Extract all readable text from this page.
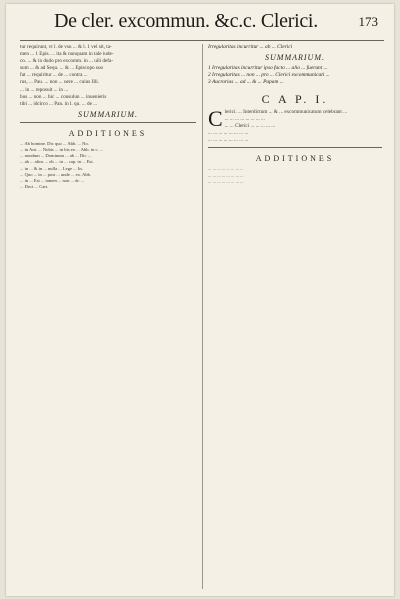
De cler. excommun. &c.c. Clerici.	173
tur requirunt, vt l. de vsu ... & l. 1 vel sit, ta-
men ... 1 Epis. ... ita & nunquam in tale iude-
co. ... & in dudo pro excomm. in ... uili defa-
sum ... & ad Sequ. ... & ... Episcopo suo
fat ... requiritur ... de ... contra ...
rus, ... Pau. ... non ... uere ... cuius Illi.
... in ... reposuit ... in ...
bus ... non ... hic ... consulun ... inuenieris
tibi ... idcirco ... Pan. in l. qu. ... de ...
SUMMARIUM.
ADDITIONES
... Ab homine. Dic quo ... Abb. ... No.
... in Ant. ... Nobis ... in his eo ... Abb. in c. ...
... nondum ... Dominum ... ab ... Dic ...
... ab ... alios ... ob ... in ... cap. in ... Est.
... in ... & in ... nulla ... Lege ... In.
... Quo ... in ... post ... unde ... ex. Abb.
... in ... Est ... tamen ... non ... dc ...
... Doct ... Cart.
Irregularitas incurritur ... ab ... Clerici
SUMMARIUM.
1 Irregularitas incurritur ipso facto ... alio ... fuerunt ...
2 Irregularitas ... non ... pro ... Clerici excommunicati ...
3 Aucrorias ... ad ... & ... Papam ...
C A P. I.
C lerici. ... Interdictum ... & ... excommunicatum celebrant ...
... ... ... ... ... ... ... ...
... ... Clerici ... ... ... ... ...
... ... ... ... ... ... ... ...
... ... ... ... ... ... ... ...
ADDITIONES
... ... ... ... ... ... ... ...
... ... ... ... ... ... ... ...
... ... ... ... ... ... ... ...
